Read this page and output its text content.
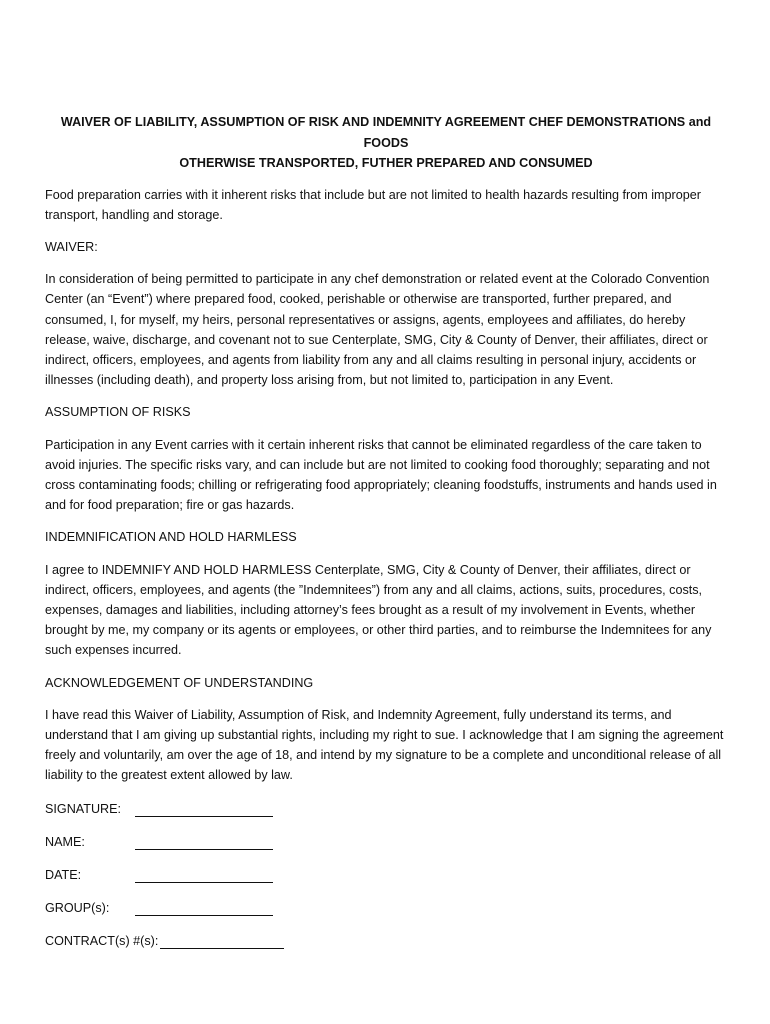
WAIVER OF LIABILITY, ASSUMPTION OF RISK AND INDEMNITY AGREEMENT CHEF DEMONSTRATIONS and FOODS
OTHERWISE TRANSPORTED, FUTHER PREPARED AND CONSUMED

Food preparation carries with it inherent risks that include but are not limited to health hazards resulting from improper transport, handling and storage.

WAIVER:

In consideration of being permitted to participate in any chef demonstration or related event at the Colorado Convention Center (an “Event”) where prepared food, cooked, perishable or otherwise are transported, further prepared, and consumed, I, for myself, my heirs, personal representatives or assigns, agents, employees and affiliates, do hereby release, waive, discharge, and covenant not to sue Centerplate, SMG, City & County of Denver, their affiliates, direct or indirect, officers, employees, and agents from liability from any and all claims resulting in personal injury, accidents or illnesses (including death), and property loss arising from, but not limited to, participation in any Event.

ASSUMPTION OF RISKS

Participation in any Event carries with it certain inherent risks that cannot be eliminated regardless of the care taken to avoid injuries. The specific risks vary, and can include but are not limited to cooking food thoroughly; separating and not cross contaminating foods; chilling or refrigerating food appropriately; cleaning foodstuffs, instruments and hands used in and for food preparation; fire or gas hazards.

INDEMNIFICATION AND HOLD HARMLESS

I agree to INDEMNIFY AND HOLD HARMLESS Centerplate, SMG, City & County of Denver, their affiliates, direct or indirect, officers, employees, and agents (the ”Indemnitees”) from any and all claims, actions, suits, procedures, costs, expenses, damages and liabilities, including attorney’s fees brought as a result of my involvement in Events, whether brought by me, my company or its agents or employees, or other third parties, and to reimburse the Indemnitees for any such expenses incurred.

ACKNOWLEDGEMENT OF UNDERSTANDING

I have read this Waiver of Liability, Assumption of Risk, and Indemnity Agreement, fully understand its terms, and understand that I am giving up substantial rights, including my right to sue. I acknowledge that I am signing the agreement freely and voluntarily, am over the age of 18, and intend by my signature to be a complete and unconditional release of all liability to the greatest extent allowed by law.

SIGNATURE:
NAME:
DATE:
GROUP(s):
CONTRACT(s) #(s):
